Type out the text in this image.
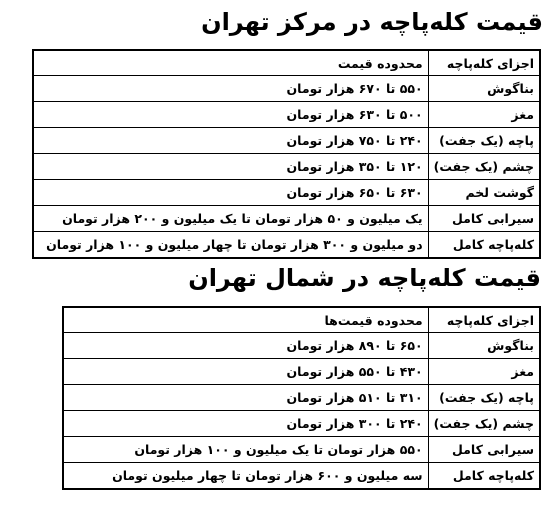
قیمت کله‌پاچه در مرکز تهران
اجزای کله‌پاچه	محدوده قیمت
بناگوش	۵۵۰ تا ۶۷۰ هزار تومان
مغز	۵۰۰ تا ۶۳۰ هزار تومان
پاچه (یک جفت)	۲۴۰ تا ۷۵۰ هزار تومان
چشم (یک جفت)	۱۲۰ تا ۳۵۰ هزار تومان
گوشت لخم	۶۳۰ تا ۶۵۰ هزار تومان
سیرابی کامل	یک میلیون و ۵۰ هزار تومان تا یک میلیون و ۲۰۰ هزار تومان
کله‌پاچه کامل	دو میلیون و ۳۰۰ هزار تومان تا چهار میلیون و ۱۰۰ هزار تومان
قیمت کله‌پاچه در شمال تهران
اجزای کله‌پاچه	محدوده قیمت‌ها
بناگوش	۶۵۰ تا ۸۹۰ هزار تومان
مغز	۴۳۰ تا ۵۵۰ هزار تومان
پاچه (یک جفت)	۳۱۰ تا ۵۱۰ هزار تومان
چشم (یک جفت)	۲۴۰ تا ۳۰۰ هزار تومان
سیرابی کامل	۵۵۰ هزار تومان تا یک میلیون و ۱۰۰ هزار تومان
کله‌پاچه کامل	سه میلیون و ۶۰۰ هزار تومان تا چهار میلیون تومان
